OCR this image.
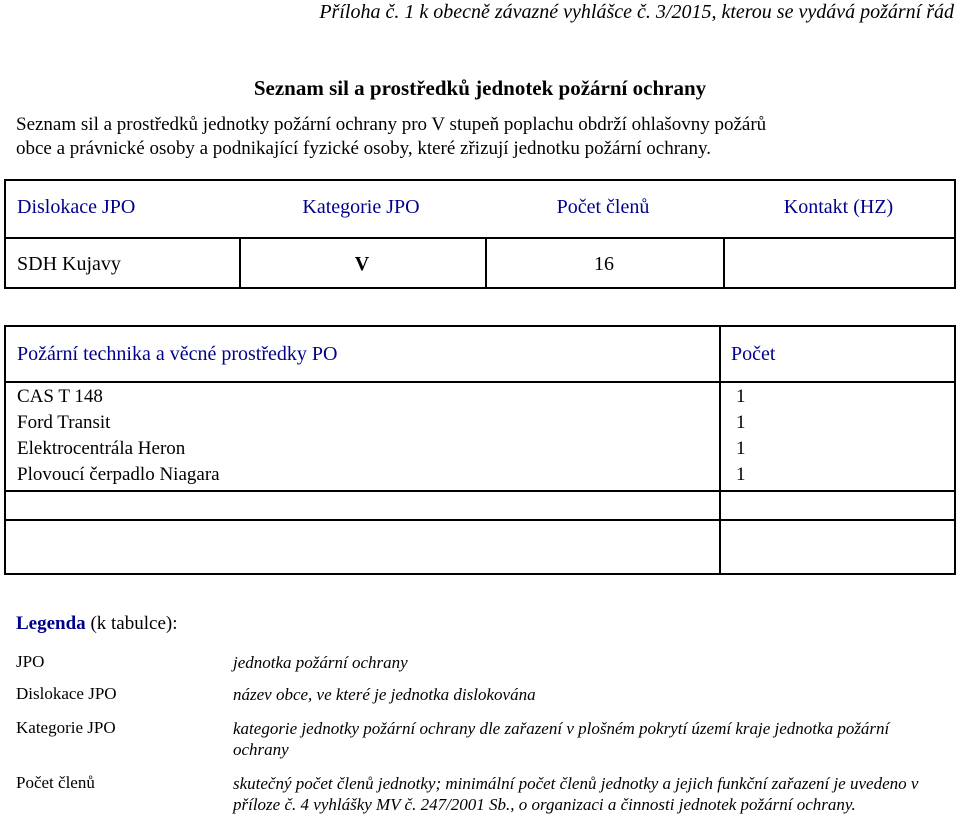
Příloha č. 1 k obecně závazné vyhlášce č. 3/2015, kterou se vydává požární řád
Seznam sil a prostředků jednotek požární ochrany
Seznam sil a prostředků jednotky požární ochrany pro V stupeň poplachu obdrží ohlašovny požárů
obce a právnické osoby a podnikající fyzické osoby, které zřizují jednotku požární ochrany.
Dislokace JPO	Kategorie JPO	Počet členů	Kontakt (HZ)
SDH Kujavy	V	16
Požární technika a věcné prostředky PO	Počet
CAS T 148	1
Ford Transit	1
Elektrocentrála Heron	1
Plovoucí čerpadlo Niagara	1
Legenda (k tabulce):
JPO	jednotka požární ochrany
Dislokace JPO	název obce, ve které je jednotka dislokována
Kategorie JPO	kategorie jednotky požární ochrany dle zařazení v plošném pokrytí území kraje jednotka požární ochrany
Počet členů	skutečný počet členů jednotky; minimální počet členů jednotky a jejich funkční zařazení je uvedeno v příloze č. 4 vyhlášky MV č. 247/2001 Sb., o organizaci a činnosti jednotek požární ochrany.
